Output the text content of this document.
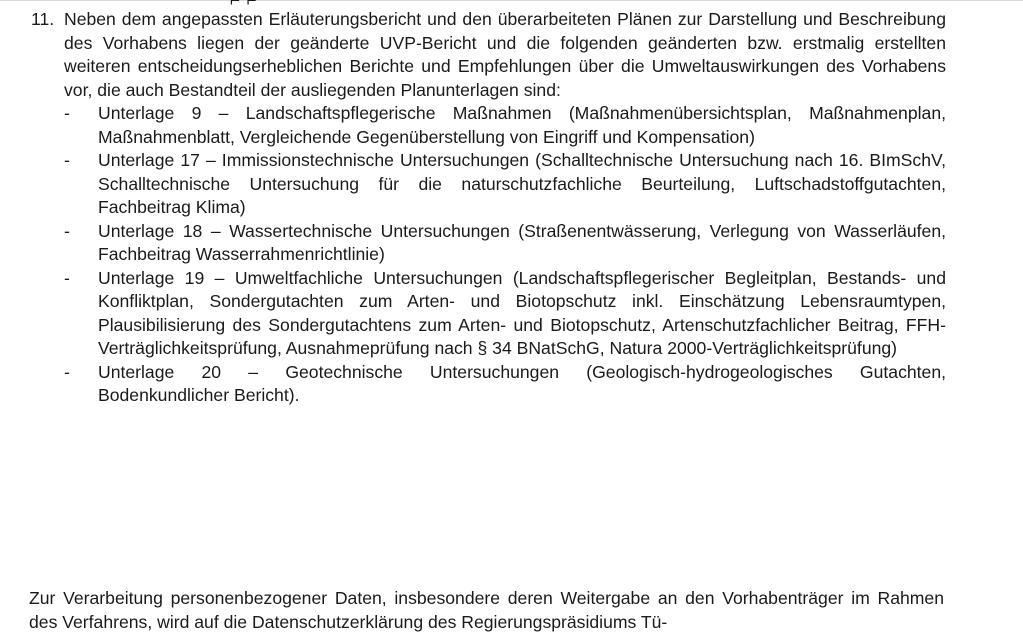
⌐ ⌐
11. Neben dem angepassten Erläuterungsbericht und den überarbeiteten Plänen zur Darstellung und Beschreibung des Vorhabens liegen der geänderte UVP-Bericht und die folgenden geänderten bzw. erstmalig erstellten weiteren entscheidungserheblichen Berichte und Empfehlungen über die Umweltauswirkungen des Vorhabens vor, die auch Bestandteil der ausliegenden Planunterlagen sind:

-	Unterlage 9 – Landschaftspflegerische Maßnahmen (Maßnahmenübersichtsplan, Maßnahmenplan, Maßnahmenblatt, Vergleichende Gegenüberstellung von Eingriff und Kompensation)
-	Unterlage 17 – Immissionstechnische Untersuchungen (Schalltechnische Untersuchung nach 16. BImSchV, Schalltechnische Untersuchung für die naturschutzfachliche Beurteilung, Luftschadstoffgutachten, Fachbeitrag Klima)
-	Unterlage 18 – Wassertechnische Untersuchungen (Straßenentwässerung, Verlegung von Wasserläufen, Fachbeitrag Wasserrahmenrichtlinie)
-	Unterlage 19 – Umweltfachliche Untersuchungen (Landschaftspflegerischer Begleitplan, Bestands- und Konfliktplan, Sondergutachten zum Arten- und Biotopschutz inkl. Einschätzung Lebensraumtypen, Plausibilisierung des Sondergutachtens zum Arten- und Biotopschutz, Artenschutzfachlicher Beitrag, FFH-Verträglichkeitsprüfung, Ausnahmeprüfung nach § 34 BNatSchG, Natura 2000-Verträglichkeitsprüfung)
-	Unterlage 20 – Geotechnische Untersuchungen (Geologisch-hydrogeologisches Gutachten, Bodenkundlicher Bericht).

Zur Verarbeitung personenbezogener Daten, insbesondere deren Weitergabe an den Vorhabenträger im Rahmen des Verfahrens, wird auf die Datenschutzerklärung des Regierungspräsidiums Tü-
